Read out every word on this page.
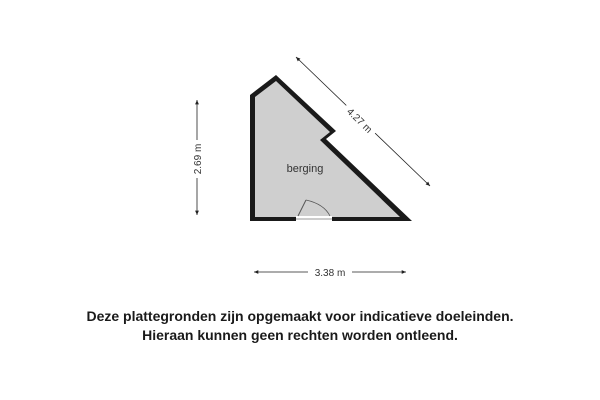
berging
2.69 m
4.27 m
3.38 m
Deze plattegronden zijn opgemaakt voor indicatieve doeleinden.
Hieraan kunnen geen rechten worden ontleend.
